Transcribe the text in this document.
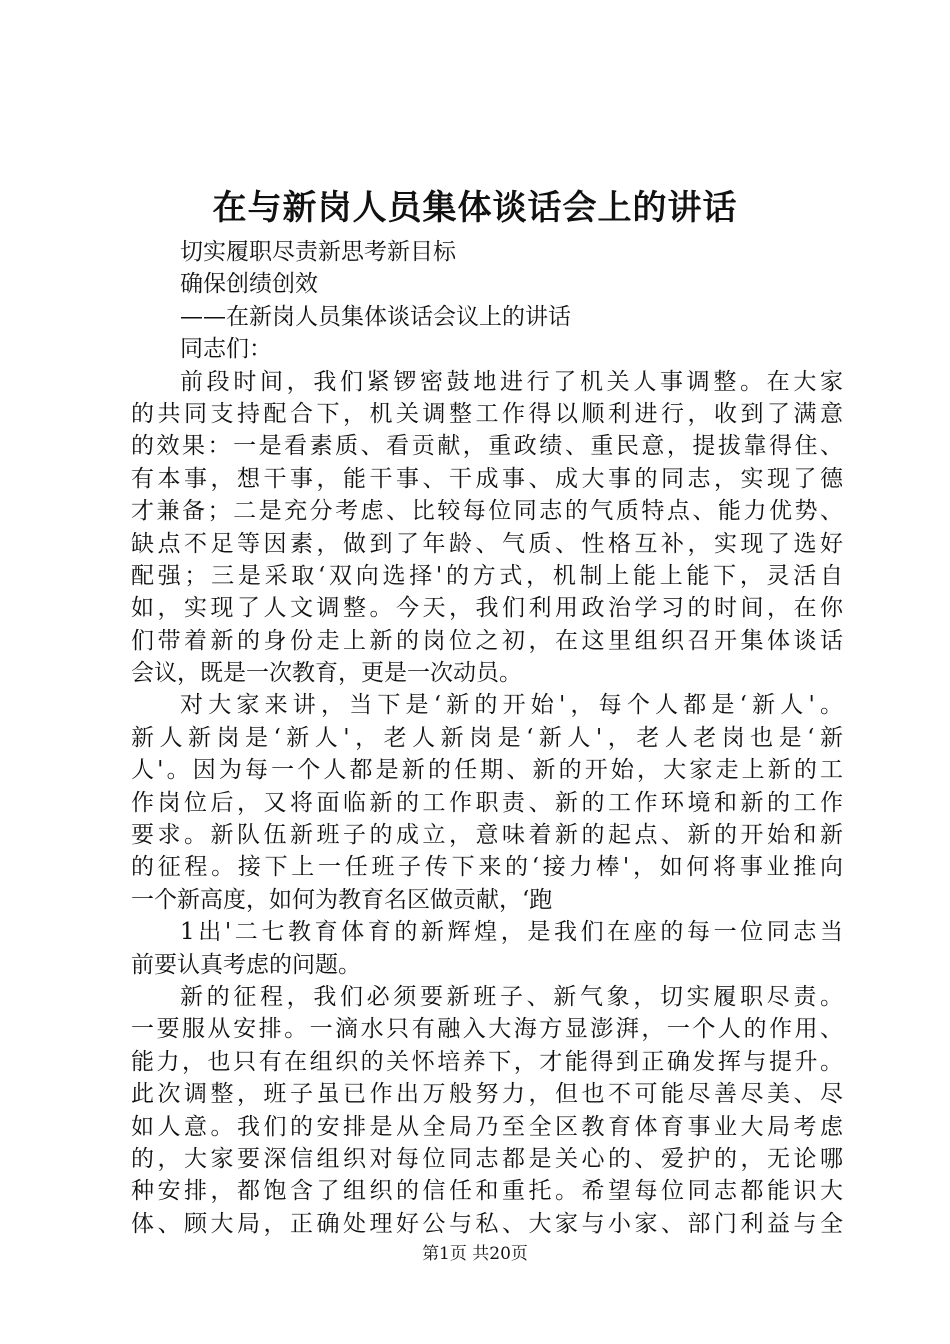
在与新岗人员集体谈话会上的讲话
切实履职尽责新思考新目标
确保创绩创效
——在新岗人员集体谈话会议上的讲话
同志们：
前段时间，我们紧锣密鼓地进行了机关人事调整。在大家
的共同支持配合下，机关调整工作得以顺利进行，收到了满意
的效果：一是看素质、看贡献，重政绩、重民意，提拔靠得住、
有本事，想干事，能干事、干成事、成大事的同志，实现了德
才兼备；二是充分考虑、比较每位同志的气质特点、能力优势、
缺点不足等因素，做到了年龄、气质、性格互补，实现了选好
配强；三是采取‘双向选择'的方式，机制上能上能下，灵活自
如，实现了人文调整。今天，我们利用政治学习的时间，在你
们带着新的身份走上新的岗位之初，在这里组织召开集体谈话
会议，既是一次教育，更是一次动员。
对大家来讲，当下是‘新的开始'，每个人都是‘新人'。
新人新岗是‘新人'，老人新岗是‘新人'，老人老岗也是‘新
人'。因为每一个人都是新的任期、新的开始，大家走上新的工
作岗位后，又将面临新的工作职责、新的工作环境和新的工作
要求。新队伍新班子的成立，意味着新的起点、新的开始和新
的征程。接下上一任班子传下来的‘接力棒'，如何将事业推向
一个新高度，如何为教育名区做贡献，‘跑
1出'二七教育体育的新辉煌，是我们在座的每一位同志当
前要认真考虑的问题。
新的征程，我们必须要新班子、新气象，切实履职尽责。
一要服从安排。一滴水只有融入大海方显澎湃，一个人的作用、
能力，也只有在组织的关怀培养下，才能得到正确发挥与提升。
此次调整，班子虽已作出万般努力，但也不可能尽善尽美、尽
如人意。我们的安排是从全局乃至全区教育体育事业大局考虑
的，大家要深信组织对每位同志都是关心的、爱护的，无论哪
种安排，都饱含了组织的信任和重托。希望每位同志都能识大
体、顾大局，正确处理好公与私、大家与小家、部门利益与全
第1页 共20页
